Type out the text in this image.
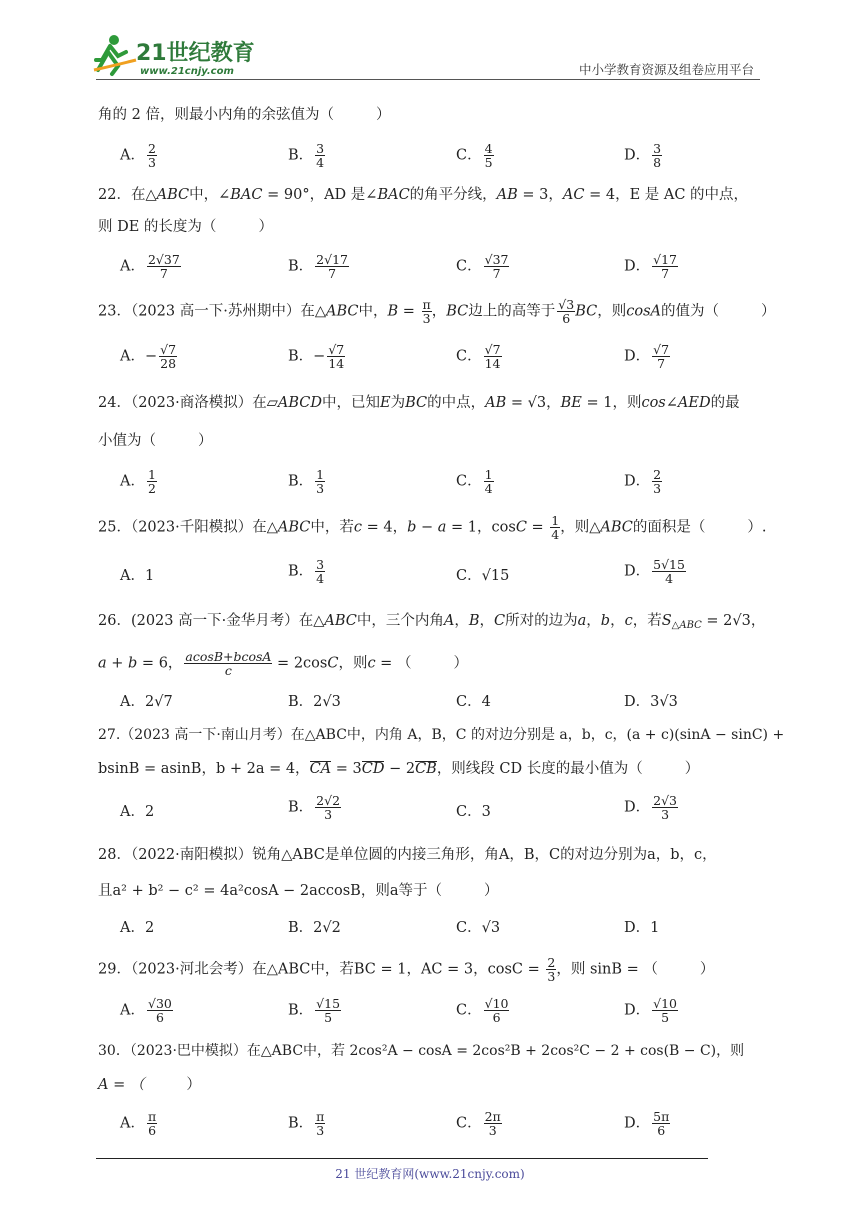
21世纪教育
www.21cnjy.com	中小学教育资源及组卷应用平台
角的 2 倍，则最小内角的余弦值为（	）
A． $\frac{2}{3}$	B． $\frac{3}{4}$	C． $\frac{4}{5}$	D． $\frac{3}{8}$
22．在△ABC中，∠BAC = 90°，AD 是∠BAC的角平分线，AB = 3，AC = 4，E 是 AC 的中点，
则 DE 的长度为（	）
A． $\frac{2√37}{7}$	B． $\frac{2√17}{7}$	C． $\frac{√37}{7}$	D． $\frac{√17}{7}$
23．（2023 高一下·苏州期中）在△ABC中，$B = \frac{\pi}{3}$ ，BC边上的高等于 $\frac{√3}{6}$ BC，则cosA的值为（	）
A．− $\frac{√7}{28}$	B．− $\frac{√7}{14}$	C． $\frac{√7}{14}$	D． $\frac{√7}{7}$
24．（2023·商洛模拟）在▱ABCD中，已知E为BC的中点，AB = √3，BE = 1，则cos∠AED的最
小值为（	）
A． $\frac{1}{2}$	B． $\frac{1}{3}$	C． $\frac{1}{4}$	D． $\frac{2}{3}$
25．（2023·千阳模拟）在△ABC中，若c = 4，b − a = 1，$\cos C = \frac{1}{4}$ ，则△ABC的面积是（	）.
A．1	B． $\frac{3}{4}$	C．√15	D． $\frac{5√15}{4}$
26．(2023 高一下·金华月考）在△ABC中，三个内角A，B，C所对的边为a，b，c，若$S_{\triangle ABC} = 2√3$，
a + b = 6， $\frac{acosB+bcosA}{c} = 2\cos C$，则c = （	）
A．2√7	B．2√3	C．4	D．3√3
27.（2023 高一下·南山月考）在△ABC中，内角 A，B，C 的对边分别是 a，b，c，(a + c)(sinA − sinC) +
bsinB = asinB，b + 2a = 4，CA = 3CD − 2CB，则线段 CD 长度的最小值为（	）
A．2	B． $\frac{2√2}{3}$	C．3	D． $\frac{2√3}{3}$
28．（2022·南阳模拟）锐角△ABC是单位圆的内接三角形，角A，B，C的对边分别为a，b，c，
且a² + b² − c² = 4a²cosA − 2accosB，则a等于（	）
A．2	B．2√2	C．√3	D．1
29．（2023·河北会考）在△ABC中，若BC = 1，AC = 3，$\cos C = \frac{2}{3}$ ，则 sinB = （	）
A． $\frac{√30}{6}$	B． $\frac{√15}{5}$	C． $\frac{√10}{6}$	D． $\frac{√10}{5}$
30．（2023·巴中模拟）在△ABC中，若 2cos²A − cosA = 2cos²B + 2cos²C − 2 + cos(B − C)，则
A = （	）
A． $\frac{\pi}{6}$	B． $\frac{\pi}{3}$	C． $\frac{2\pi}{3}$	D． $\frac{5\pi}{6}$
21 世纪教育网(www.21cnjy.com)
